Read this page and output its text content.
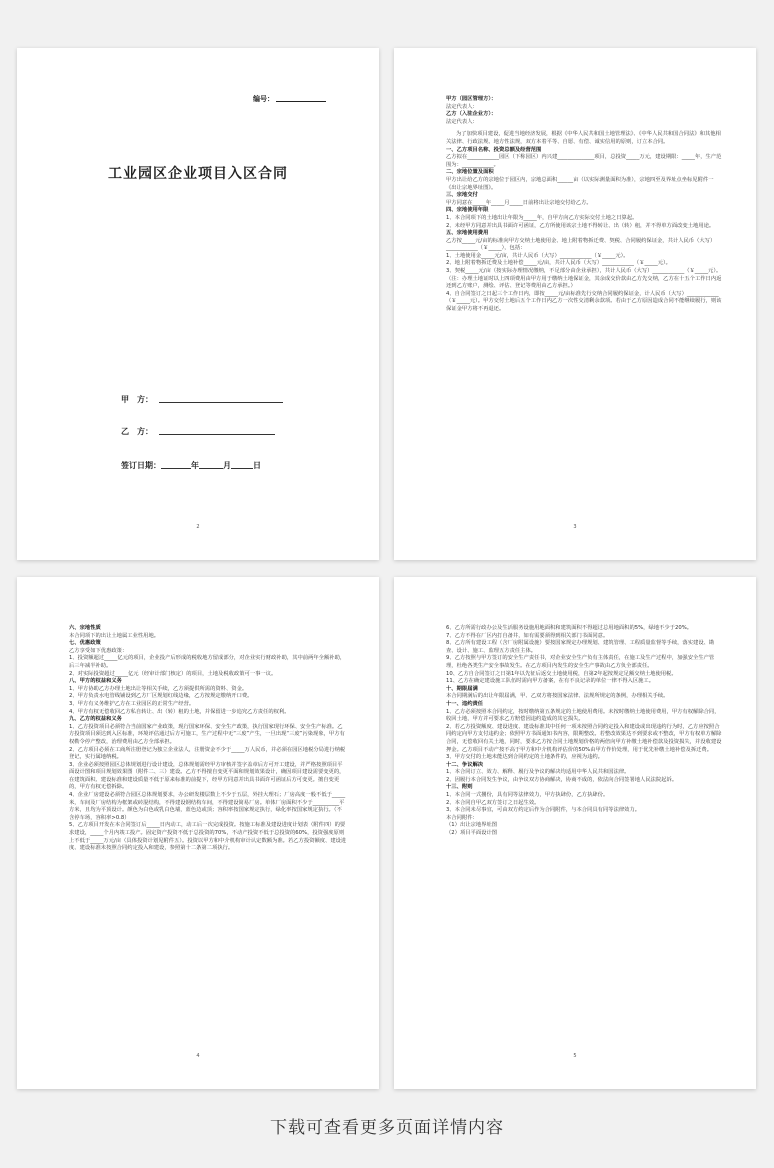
编号：
工业园区企业项目入区合同
甲　方：
乙　方：
签订日期：	年	月	日
2

甲方（园区管理方）：

法定代表人：

乙方（入驻企业方）：

法定代表人：

为了加快项目建设，促进当地经济发展，根据《中华人民共和国土地管理法》、《中华人民共和国合同法》和其他相关法律、行政法规、地方性法规，双方本着平等、自愿、有偿、诚实信用的原则，订立本合同。

一、乙方项目名称、投资总额及经营范围

乙方拟在____________园区（下称园区）内兴建______________项目，总投资_____万元，建设期限：_____年，生产范围为：____________。

二、宗地位置及面积

甲方出让给乙方的宗地位于园区内，宗地总面积______亩（以实际测量面积为准），宗地四至及界址点坐标见附件一《出让宗地界址图》。

三、宗地交付

甲方同意在_____年_____月_____日前将出让宗地交付给乙方。

四、宗地使用年限

1、本合同项下的土地出让年限为_____年，自甲方向乙方实际交付土地之日算起。

2、未经甲方同意并出具书面许可函证，乙方所使用该宗土地不得转让、出（转）租，并不得单方面改变土地用途。

五、宗地使用费用

乙方按_____元/亩的标准向甲方交纳土地使用金、地上附着物拆迁费、契税、合同履约保证金，共计人民币（大写）____________（￥_____），包括：

1、土地使用金_____元/亩，共计人民币（大写）____________（￥_____元）。

2、地上附着物拆迁费及土地补偿_____元/亩，共计人民币（大写）____________（￥_____元）。

3、契税_____元/亩（按实际办理情况缴纳，不足部分由企业承担），共计人民币（大写）____________（￥_____元）。

（注：办理土地证时以上四项费用由甲方用于缴纳土地保证金，其余成交价款由乙方先交纳，乙方在十五个工作日内返还到乙方账户，测绘、评估、登记等费用由乙方承担。）

4、自合同签订之日起三个工作日内，即按_____元/亩标准先行交纳合同履约保证金，计人民币（大写）____________（￥_____元）。甲方交付土地后五个工作日内乙方一次性交清剩余款项。若由于乙方原因造成合同不能继续履行，则该保证金甲方将不再退还。

3

六、宗地性质

本合同项下的出让土地属工业性用地。

七、优惠政策

乙方享受如下优惠政策：

1、投资额超过_____亿元的项目，企业投产后形成的税收地方留成部分，对企业实行财政补助，其中前两年全额补助，后三年减半补助。

2、对实际投资超过_____亿元（经审计部门核定）的项目，土地及税收政策可一事一议。

八、甲方的权益和义务

1、甲方协助乙方办理土地出让等相关手续，乙方须提供所需的资料、资金。

2、甲方负责水电管线铺设到乙方厂区规划红线边缘，乙方按规定缴纳开口费。

3、甲方有义务维护乙方在工业园区的正常生产经营。

4、甲方有权无偿收回乙方私自转让、出（转）租的土地，并保留进一步追究乙方责任的权利。

九、乙方的权益和义务

1、乙方投资项目必须符合当前国家产业政策，现行国家环保、安全生产政策，执行国家现行环保、安全生产标准。乙方投资项目须达到入区标准，环境评估通过后方可施工，生产过程中无“三废”产生，一旦出现“三废”污染现象，甲方有权勒令停产整改，治理费用由乙方全部承担。

2、乙方项目必须在工商所注册登记为独立企业法人，注册资金不少于_____万人民币，并必须在园区地税分局进行纳税登记，实行属地纳税。

3、企业必须按照园区总体规划进行设计建设，总体规划需经甲方审核并签字盖章后方可开工建设，并严格按照项目平面设计图和项目规划效果图（附件二、三）建设。乙方不得擅自变更平面和规划效果设计，确因项目建设需要变更的，在建筑面积、建设标准和建设质量不低于原来标准的前提下，经甲方同意并出具书面许可函证后方可变更。擅自变更的，甲方有权无偿拆除。

4、企业厂房建设必须符合园区总体规划要求，办公研发楼层数上不少于五层，外挂大理石；厂房高度一般不低于_____米，车间及厂房结构为框架或砖混结构，不得建设钢结构车间，不得建设简易厂房。单体厂房面积不少于__________平方米，且均为平顶设计。颜色为白色或乳白色墙，蓝色边或顶；容积率按国家规定执行，绿化率按国家规定执行。（不含停车场，容积率>0.8）

5、乙方项目开发在本合同签订后_____日内动工，动工后一次完成投资。按施工标准及建设进度计划表（附件四）的要求建设，_____个月内竣工投产。固定资产投资不低于总投资的70%，不动产投资不低于总投资的60%，投资强度原则上不低于_____万元/亩（具体投资计划见附件五）。投资以甲方和中介机构审计认定数额为准。若乙方投资额度、建设进度、建设标准未按照合同约定投入和建设，参照第十二条第二项执行。

4

6、乙方所需行政办公及生活服务设施用地面积和建筑面积不得超过总用地面积的5%，绿地不少于20%。

7、乙方不得在厂区内打自备井，如有需要须得到相关部门书面同意。

8、乙方所有建设工程（含厂房附属设施）要按国家规定办理规划、建筑管理、工程质量监督等手续，落实建设、勘查、设计、施工、监理五方责任主体。

9、乙方按照与甲方签订的安全生产责任书，对企业安全生产负有主体责任，在施工及生产过程中，加强安全生产管理，杜绝各类生产安全事故发生。在乙方项目内发生的安全生产事故由乙方负全部责任。

10、乙方自合同签订之日第1年以先征后返交土地使用税，自第2年起按规定足额交纳土地使用税。

11、乙方在确定建设施工队伍时需向甲方备案，在有不良记录的单位一律不得入区施工。

十、期限届满

本合同期满后的出让年限届满，甲、乙双方将按国家法律、法规所规定的条例，办理相关手续。

十一、违约责任

1、乙方必须按照本合同约定，按时缴纳第五条规定的土地使用费用。未按时缴纳土地使用费用，甲方有权解除合同，收回土地，甲方并可要求乙方赔偿因违约造成的其它损失。

2、若乙方投资额度、建设进度、建设标准其中任何一项未按照合同约定投入和建设或出现违约行为时，乙方应按照合同约定向甲方支付违约金；依照甲方书面通知书内容，限期整改。若整改效果达不到要求或不整改，甲方有权单方解除合同，无偿收回有关土地，同时，要求乙方按合同土地规划价格的两倍向甲方补缴土地补偿款及投资损失，并没收建设押金。乙方项目不动产按不高于甲方和中介机构评估价的50%由甲方作价处理，用于优先补缴土地补偿及拆迁费。

3、甲方交付的土地未能达到合同约定的土地条件的，应视为违约。

十二、争议解决

1、本合同订立、效力、解释、履行及争议的解决均适用中华人民共和国法律。

2、因履行本合同发生争议，由争议双方协商解决，协商不成的，依法向合同签署地人民法院起诉。

十三、附则

1、本合同一式捌份，具有同等法律效力，甲方执肆份，乙方执肆份。

2、本合同自甲乙双方签订之日起生效。

3、本合同未尽事宜，可由双方约定后作为合同附件，与本合同具有同等法律效力。

本合同附件：

（1）出让宗地界址图

（2）项目平面设计图

5
下载可查看更多页面详情内容
